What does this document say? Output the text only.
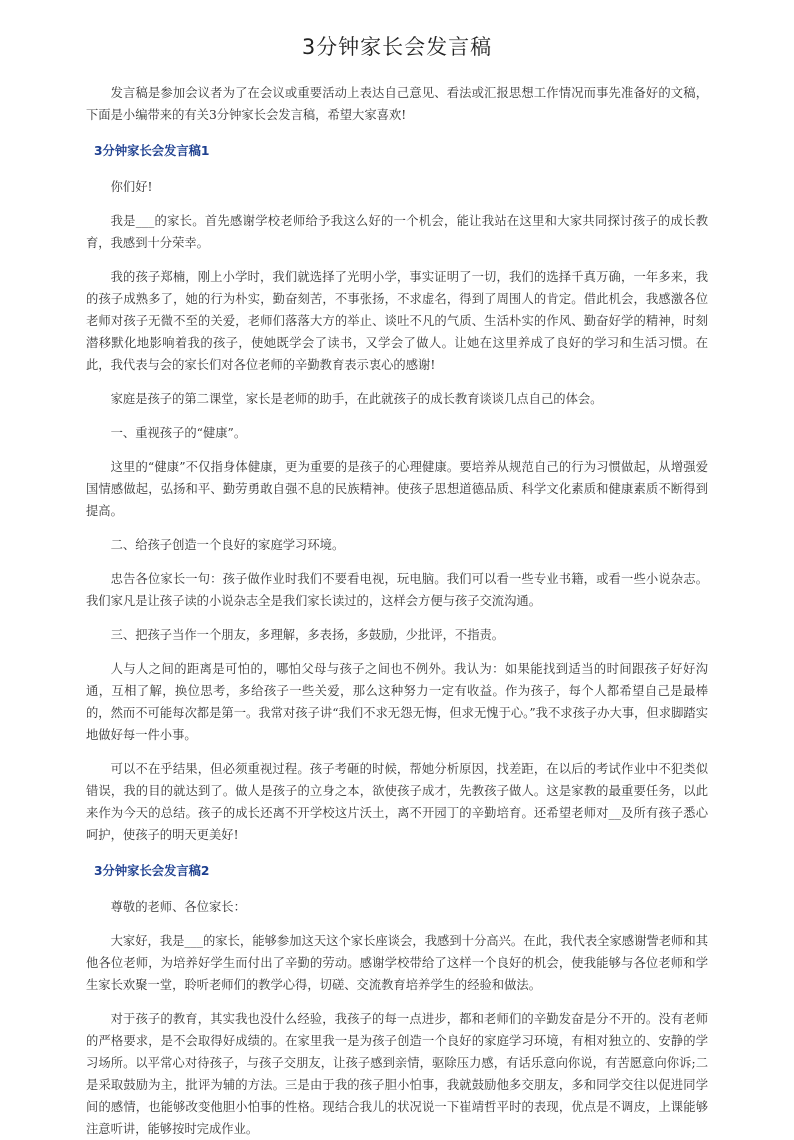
3分钟家长会发言稿

发言稿是参加会议者为了在会议或重要活动上表达自己意见、看法或汇报思想工作情况而事先准备好的文稿，下面是小编带来的有关3分钟家长会发言稿，希望大家喜欢!

3分钟家长会发言稿1

你们好!

我是___的家长。首先感谢学校老师给予我这么好的一个机会，能让我站在这里和大家共同探讨孩子的成长教育，我感到十分荣幸。

我的孩子郑楠，刚上小学时，我们就选择了光明小学，事实证明了一切，我们的选择千真万确，一年多来，我的孩子成熟多了，她的行为朴实，勤奋刻苦，不事张扬，不求虚名，得到了周围人的肯定。借此机会，我感激各位老师对孩子无微不至的关爱，老师们落落大方的举止、谈吐不凡的气质、生活朴实的作风、勤奋好学的精神，时刻潜移默化地影响着我的孩子，使她既学会了读书，又学会了做人。让她在这里养成了良好的学习和生活习惯。在此，我代表与会的家长们对各位老师的辛勤教育表示衷心的感谢!

家庭是孩子的第二课堂，家长是老师的助手，在此就孩子的成长教育谈谈几点自己的体会。

一、重视孩子的“健康”。

这里的“健康”不仅指身体健康，更为重要的是孩子的心理健康。要培养从规范自己的行为习惯做起，从增强爱国情感做起，弘扬和平、勤劳勇敢自强不息的民族精神。使孩子思想道德品质、科学文化素质和健康素质不断得到提高。

二、给孩子创造一个良好的家庭学习环境。

忠告各位家长一句：孩子做作业时我们不要看电视，玩电脑。我们可以看一些专业书籍，或看一些小说杂志。我们家凡是让孩子读的小说杂志全是我们家长读过的，这样会方便与孩子交流沟通。

三、把孩子当作一个朋友，多理解，多表扬，多鼓励，少批评，不指责。

人与人之间的距离是可怕的，哪怕父母与孩子之间也不例外。我认为：如果能找到适当的时间跟孩子好好沟通，互相了解，换位思考，多给孩子一些关爱，那么这种努力一定有收益。作为孩子，每个人都希望自己是最棒的，然而不可能每次都是第一。我常对孩子讲“我们不求无怨无悔，但求无愧于心。”我不求孩子办大事，但求脚踏实地做好每一件小事。

可以不在乎结果，但必须重视过程。孩子考砸的时候，帮她分析原因，找差距，在以后的考试作业中不犯类似错误，我的目的就达到了。做人是孩子的立身之本，欲使孩子成才，先教孩子做人。这是家教的最重要任务，以此来作为今天的总结。孩子的成长还离不开学校这片沃土，离不开园丁的辛勤培育。还希望老师对__及所有孩子悉心呵护，使孩子的明天更美好!

3分钟家长会发言稿2

尊敬的老师、各位家长：

大家好，我是___的家长，能够参加这天这个家长座谈会，我感到十分高兴。在此，我代表全家感谢訾老师和其他各位老师，为培养好学生而付出了辛勤的劳动。感谢学校带给了这样一个良好的机会，使我能够与各位老师和学生家长欢聚一堂，聆听老师们的教学心得，切磋、交流教育培养学生的经验和做法。

对于孩子的教育，其实我也没什么经验，我孩子的每一点进步，都和老师们的辛勤发奋是分不开的。没有老师的严格要求，是不会取得好成绩的。在家里我一是为孩子创造一个良好的家庭学习环境，有相对独立的、安静的学习场所。以平常心对待孩子，与孩子交朋友，让孩子感到亲情，驱除压力感，有话乐意向你说，有苦愿意向你诉;二是采取鼓励为主，批评为辅的方法。三是由于我的孩子胆小怕事，我就鼓励他多交朋友，多和同学交往以促进同学间的感情，也能够改变他胆小怕事的性格。现结合我儿的状况说一下崔靖哲平时的表现，优点是不调皮，上课能够注意听讲，能够按时完成作业。
